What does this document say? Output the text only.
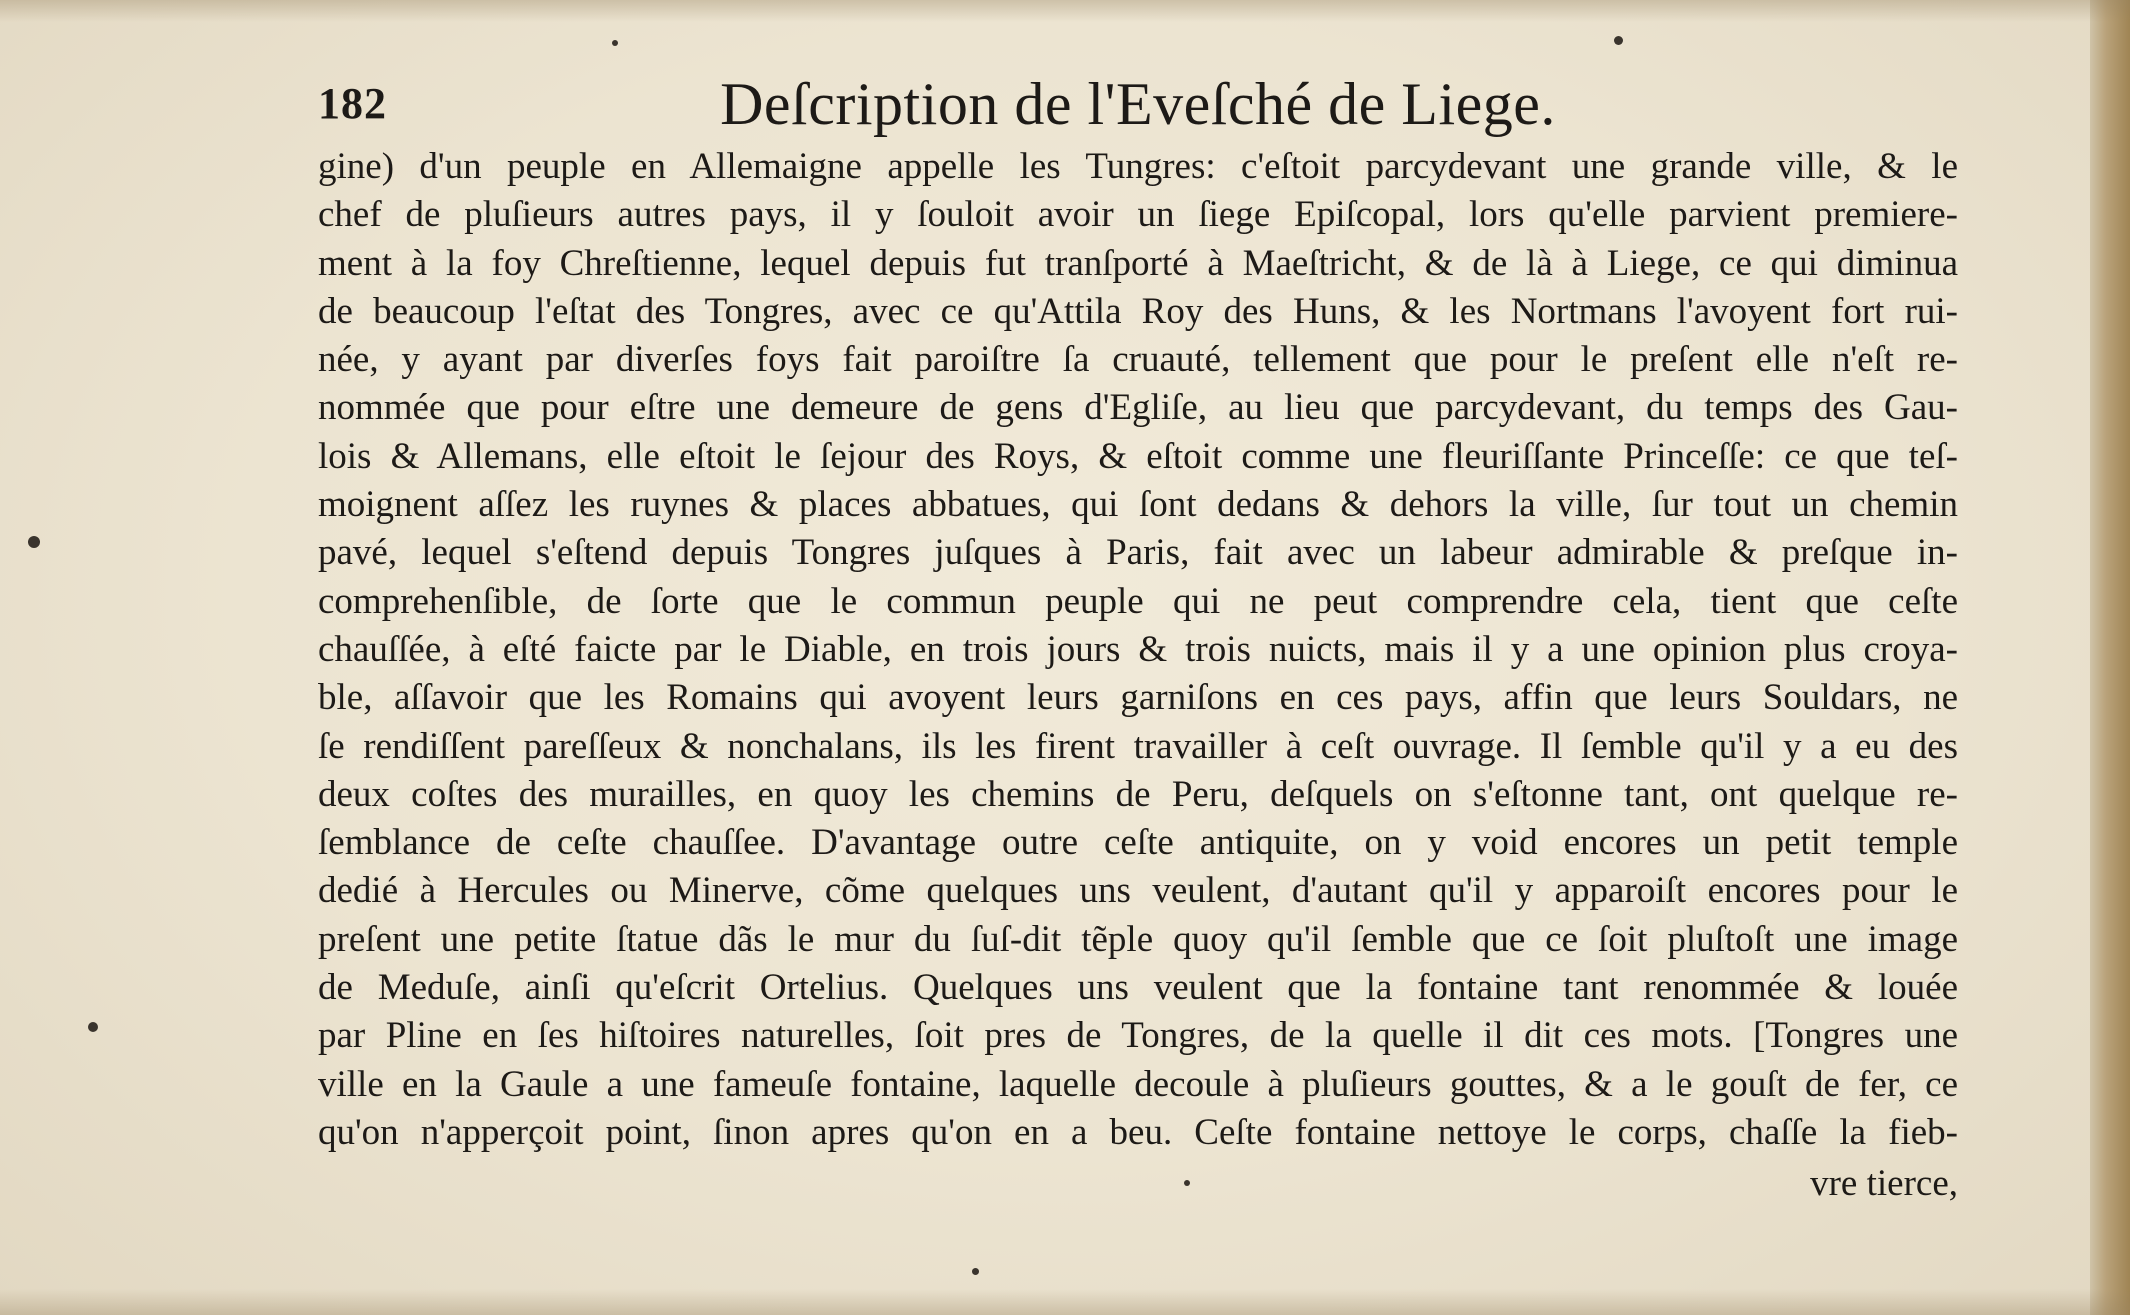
182	Deſcription de l'Eveſché de Liege.
gine) d'un peuple en Allemaigne appelle les Tungres: c'eſtoit parcydevant une grande ville, & le
chef de pluſieurs autres pays, il y ſouloit avoir un ſiege Epiſcopal, lors qu'elle parvient premiere-
ment à la foy Chreſtienne, lequel depuis fut tranſporté à Maeſtricht, & de là à Liege, ce qui diminua
de beaucoup l'eſtat des Tongres, avec ce qu'Attila Roy des Huns, & les Nortmans l'avoyent fort rui-
née, y ayant par diverſes foys fait paroiſtre ſa cruauté, tellement que pour le preſent elle n'eſt re-
nommée que pour eſtre une demeure de gens d'Egliſe, au lieu que parcydevant, du temps des Gau-
lois & Allemans, elle eſtoit le ſejour des Roys, & eſtoit comme une fleuriſſante Princeſſe: ce que teſ-
moignent aſſez les ruynes & places abbatues, qui ſont dedans & dehors la ville, ſur tout un chemin
pavé, lequel s'eſtend depuis Tongres juſques à Paris, fait avec un labeur admirable & preſque in-
comprehenſible, de ſorte que le commun peuple qui ne peut comprendre cela, tient que ceſte
chauſſée, à eſté faicte par le Diable, en trois jours & trois nuicts, mais il y a une opinion plus croya-
ble, aſſavoir que les Romains qui avoyent leurs garniſons en ces pays, affin que leurs Souldars, ne
ſe rendiſſent pareſſeux & nonchalans, ils les firent travailler à ceſt ouvrage. Il ſemble qu'il y a eu des
deux coſtes des murailles, en quoy les chemins de Peru, deſquels on s'eſtonne tant, ont quelque re-
ſemblance de ceſte chauſſee. D'avantage outre ceſte antiquite, on y void encores un petit temple
dedié à Hercules ou Minerve, cõme quelques uns veulent, d'autant qu'il y apparoiſt encores pour le
preſent une petite ſtatue dãs le mur du ſuſ-dit tẽple quoy qu'il ſemble que ce ſoit pluſtoſt une image
de Meduſe, ainſi qu'eſcrit Ortelius. Quelques uns veulent que la fontaine tant renommée & louée
par Pline en ſes hiſtoires naturelles, ſoit pres de Tongres, de la quelle il dit ces mots. [Tongres une
ville en la Gaule a une fameuſe fontaine, laquelle decoule à pluſieurs gouttes, & a le gouſt de fer, ce
qu'on n'apperçoit point, ſinon apres qu'on en a beu. Ceſte fontaine nettoye le corps, chaſſe la fieb-
vre tierce,
